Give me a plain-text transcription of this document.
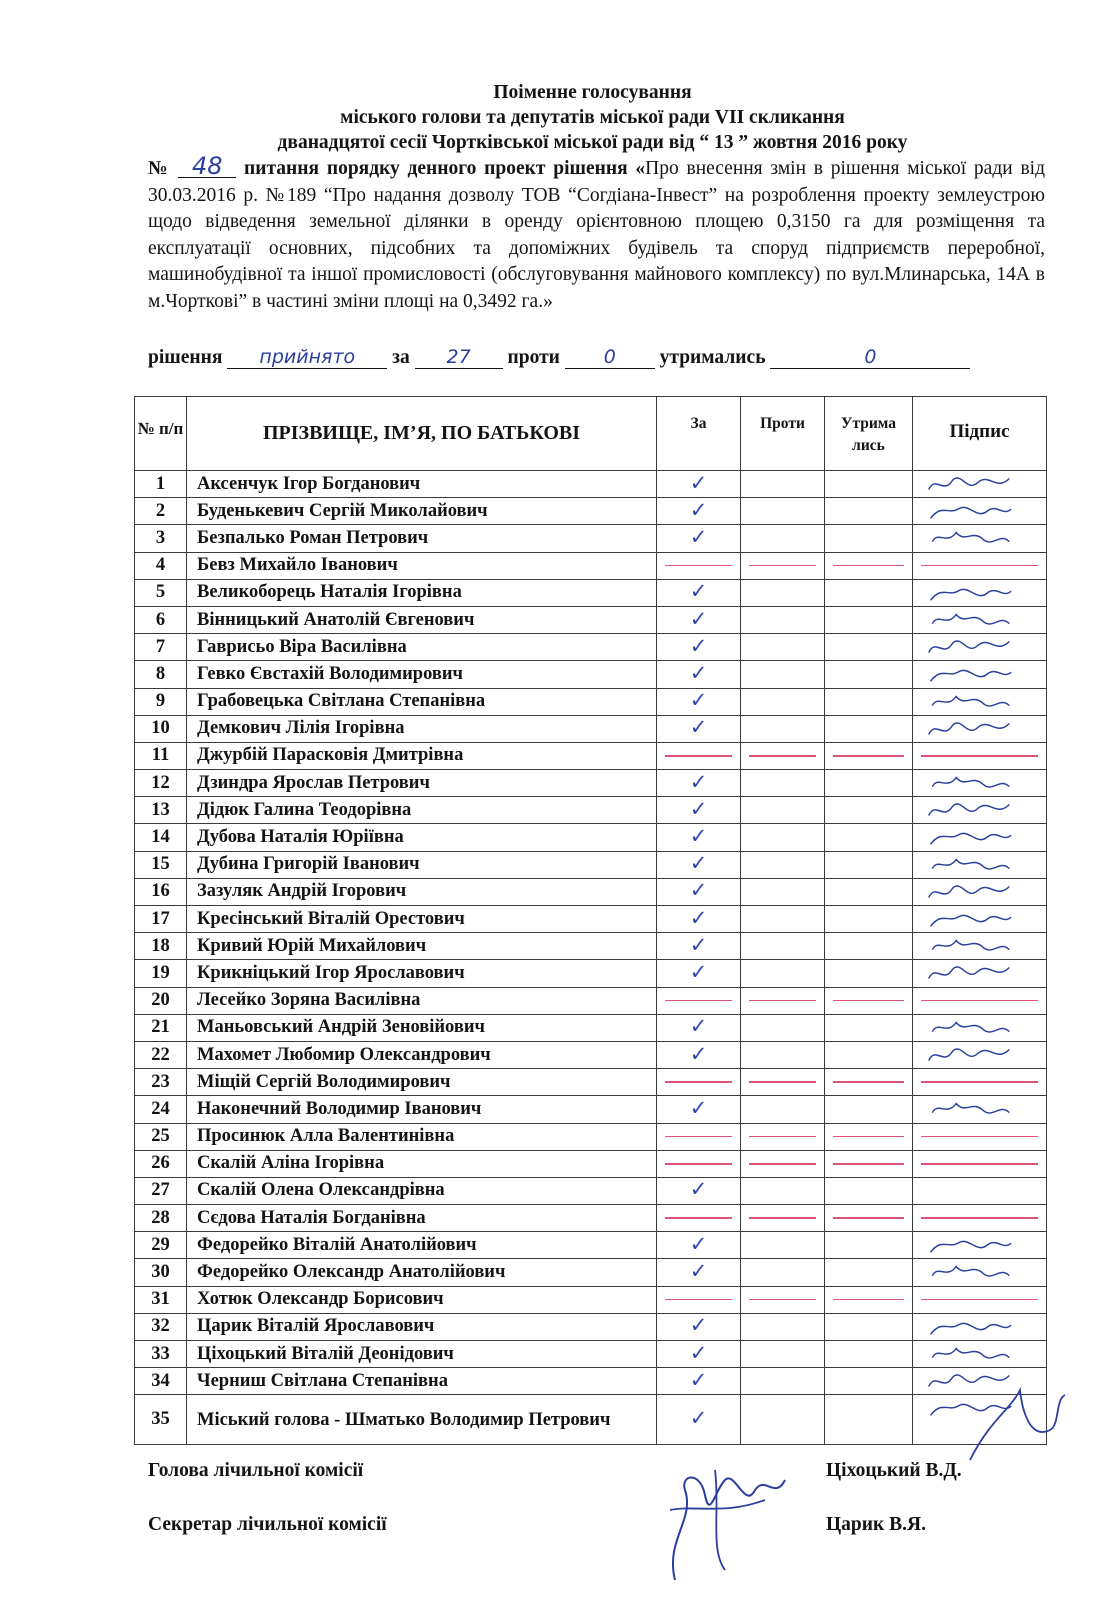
Поіменне голосування
міського голови та депутатів міської ради VII скликання
дванадцятої сесії Чортківської міської ради від “ 13 ” жовтня 2016 року
№ 48 питання порядку денного проект рішення «Про внесення змін в рішення міської ради від 30.03.2016 р. №189 “Про надання дозволу ТОВ “Согдіана-Інвест” на розроблення проекту землеустрою щодо відведення земельної ділянки в оренду орієнтовною площею 0,3150 га для розміщення та експлуатації основних, підсобних та допоміжних будівель та споруд підприємств переробної, машинобудівної та іншої промисловості (обслуговування майнового комплексу) по вул.Млинарська, 14А в м.Чорткові” в частині зміни площі на 0,3492 га.»
рішення прийнято за 27 проти 0 утримались	0
№ п/п	ПРІЗВИЩЕ, ІМ’Я, ПО БАТЬКОВІ	За	Проти	Утрима лись	Підпис
1	Аксенчук Ігор Богданович	✓			

2	Буденькевич Сергій Миколайович	✓			

3	Безпалько Роман Петрович	✓			

4	Бевз Михайло Іванович	

5	Великоборець Наталія Ігорівна	✓			

6	Вінницький Анатолій Євгенович	✓			

7	Гаврисьо Віра Василівна	✓			

8	Гевко Євстахій Володимирович	✓			

9	Грабовецька Світлана Степанівна	✓			

10	Демкович Лілія Ігорівна	✓			

11	Джурбій Парасковія Дмитрівна	

12	Дзиндра Ярослав Петрович	✓			

13	Дідюк Галина Теодорівна	✓			

14	Дубова Наталія Юріївна	✓			

15	Дубина Григорій Іванович	✓			

16	Зазуляк Андрій Ігорович	✓			

17	Кресінський Віталій Орестович	✓			

18	Кривий Юрій Михайлович	✓			

19	Крикніцький Ігор Ярославович	✓			

20	Лесейко Зоряна Василівна	

21	Маньовський Андрій Зеновійович	✓			

22	Махомет Любомир Олександрович	✓			

23	Міщій Сергій Володимирович	

24	Наконечний Володимир Іванович	✓			

25	Просинюк Алла Валентинівна	

26	Скалій Аліна Ігорівна	

27	Скалій Олена Олександрівна	✓			
28	Сєдова Наталія Богданівна	

29	Федорейко Віталій Анатолійович	✓			

30	Федорейко Олександр Анатолійович	✓			

31	Хотюк Олександр Борисович	

32	Царик Віталій Ярославович	✓			

33	Ціхоцький Віталій Деонідович	✓			

34	Черниш Світлана Степанівна	✓			

35	Міський голова - Шматько Володимир Петрович	✓			
Голова лічильної комісії	Ціхоцький В.Д.
Секретар лічильної комісії	Царик В.Я.
